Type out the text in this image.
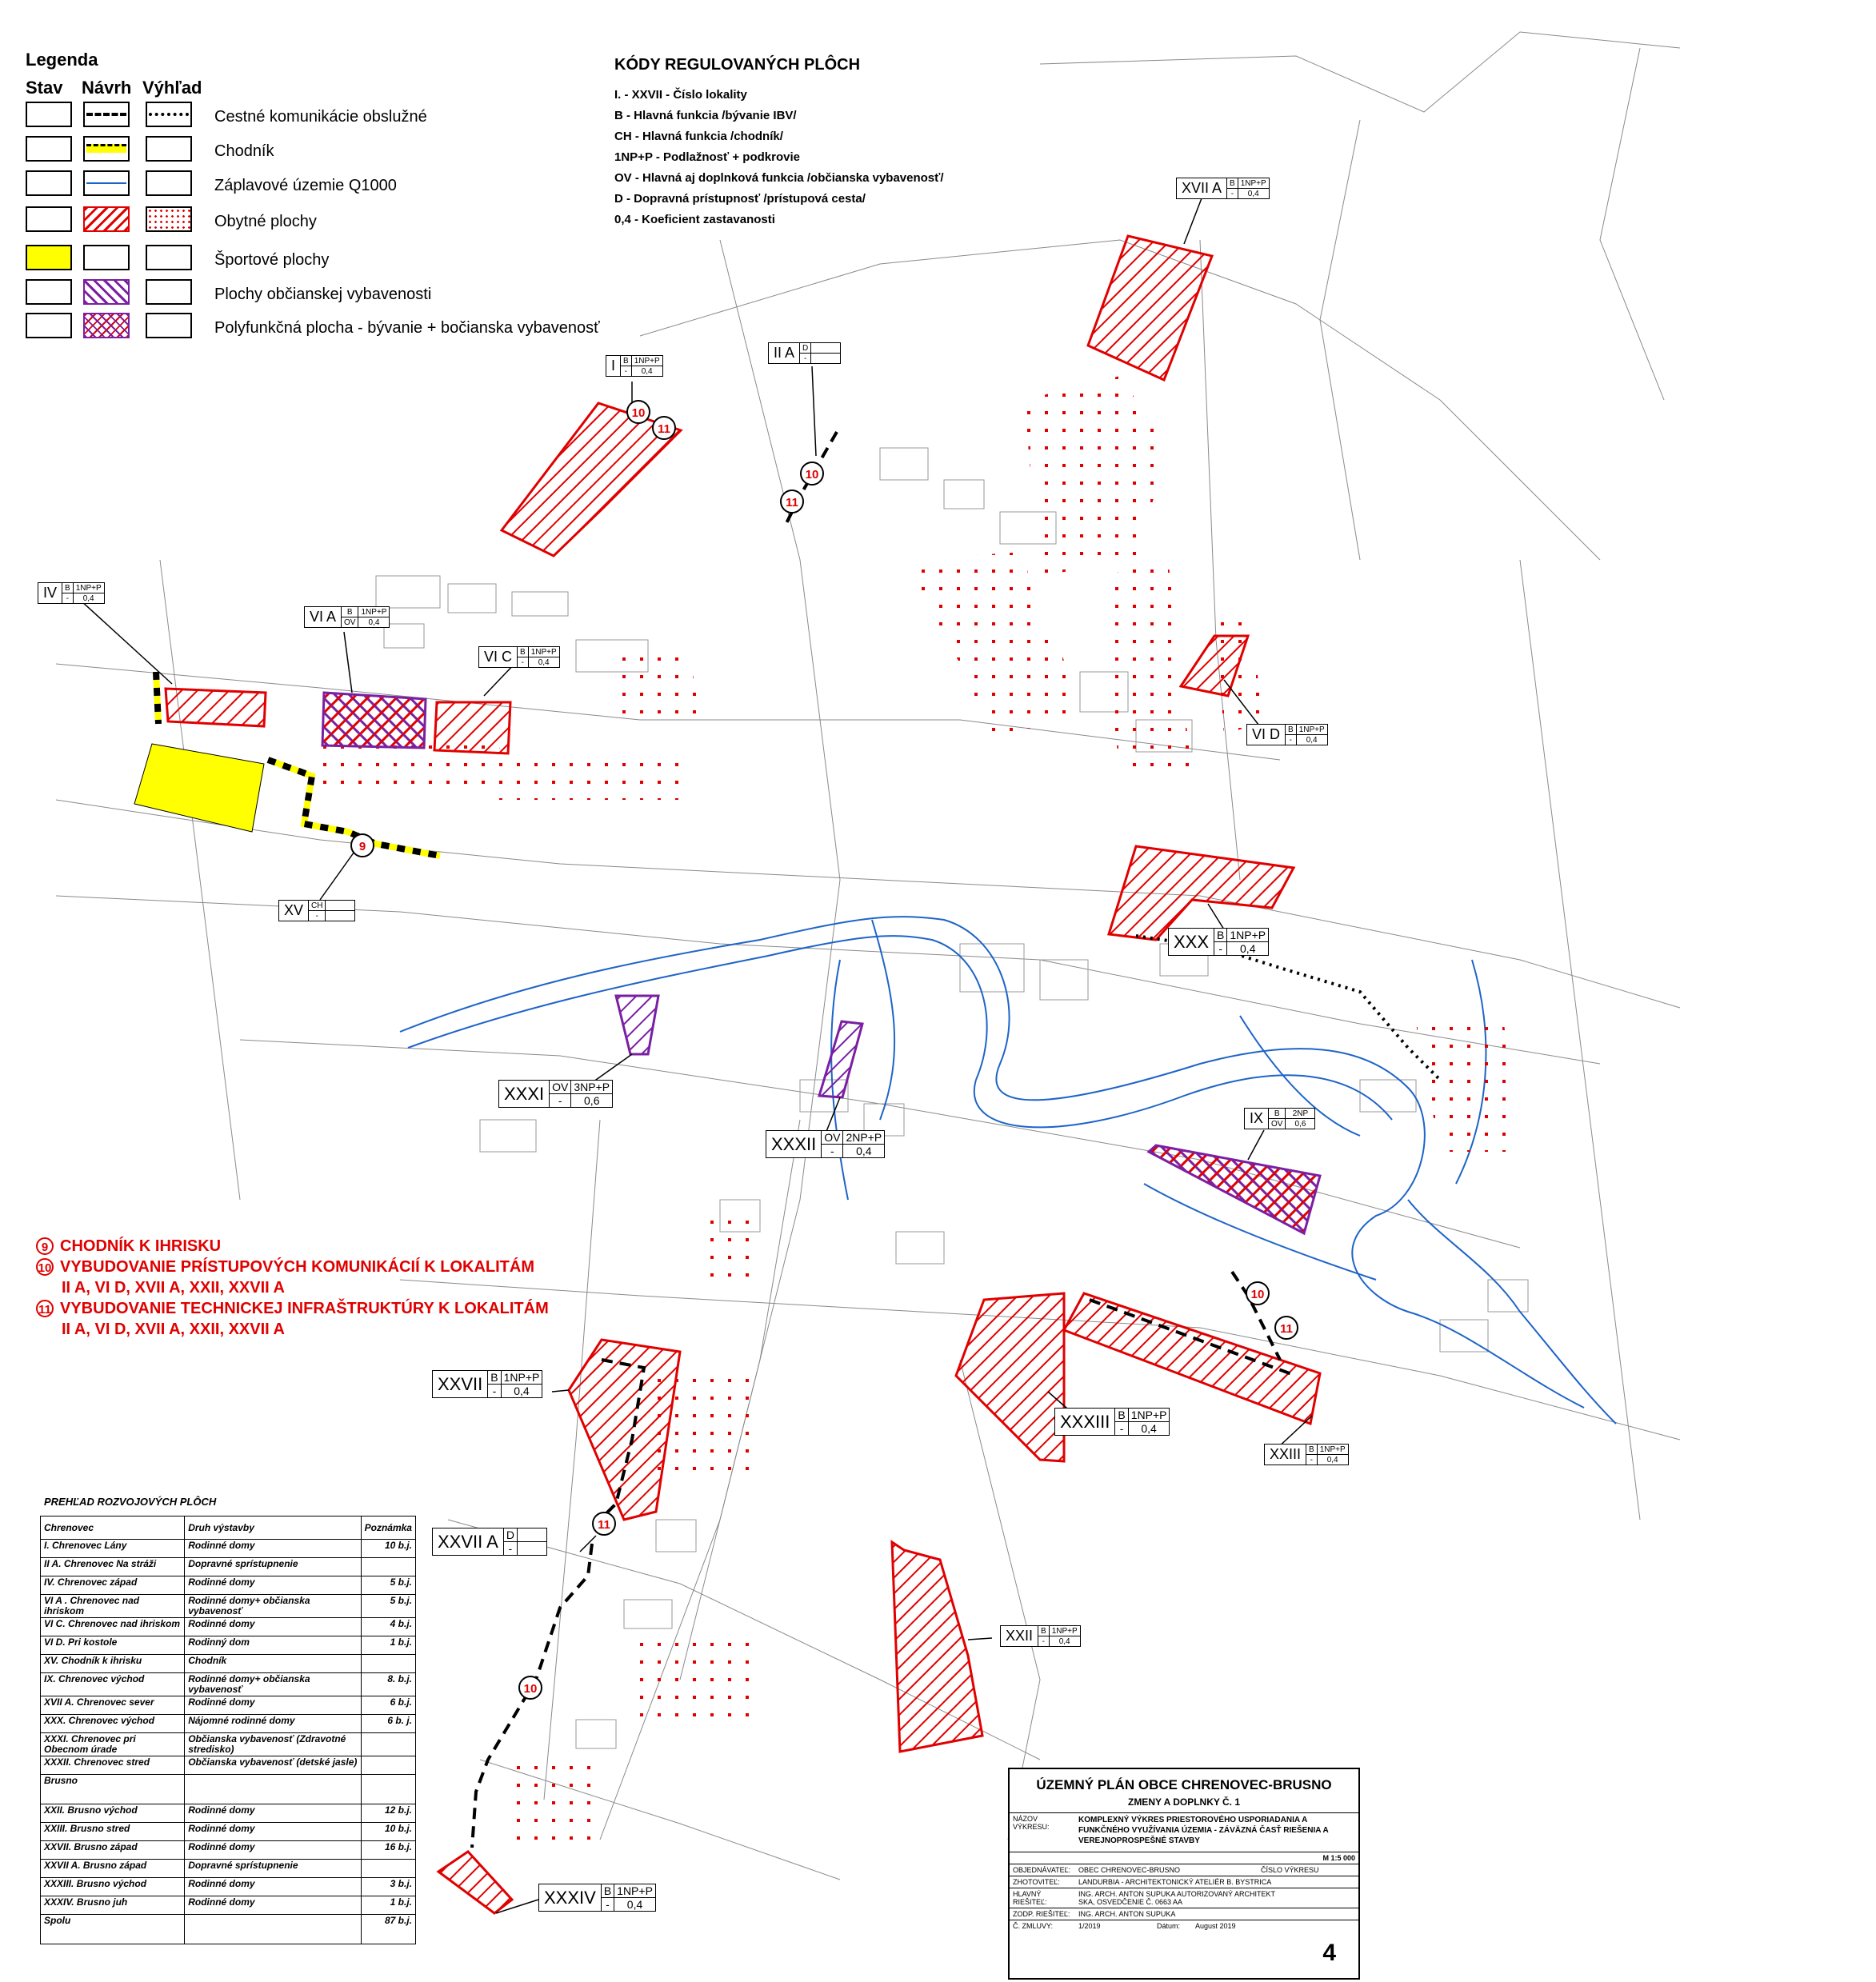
Legenda
Stav Návrh Výhľad
Cestné komunikácie obslužné
Chodník
Záplavové územie Q1000
Obytné plochy
Športové plochy
Plochy občianskej vybavenosti
Polyfunkčná plocha - bývanie + bočianska vybavenosť
KÓDY REGULOVANÝCH PLÔCH
I. - XXVII - Číslo lokality
B - Hlavná funkcia /bývanie IBV/
CH - Hlavná funkcia /chodník/
1NP+P - Podlažnosť + podkrovie
OV - Hlavná aj doplnková funkcia /občianska vybavenosť/
D - Dopravná prístupnosť /prístupová cesta/
0,4 - Koeficient zastavanosti
9 CHODNÍK K IHRISKU
10 VYBUDOVANIE PRÍSTUPOVÝCH KOMUNIKÁCIÍ K LOKALITÁM
II A, VI D, XVII A, XXII, XXVII A
11 VYBUDOVANIE TECHNICKEJ INFRAŠTRUKTÚRY K LOKALITÁM
II A, VI D, XVII A, XXII, XXVII A
I	B	1NP+P
	-	0,4
II A	D	
	-	
IV	B	1NP+P
	-	0,4
VI A	B	1NP+P
	OV	0,4
VI C	B	1NP+P
	-	0,4
XVII A	B	1NP+P
	-	0,4
VI D	B	1NP+P
	-	0,4
XV	CH	
	-	
XXX	B	1NP+P
	-	0,4
XXXI	OV	3NP+P
	-	0,6
XXXII	OV	2NP+P
	-	0,4
IX	B	2NP
	OV	0,6
XXVII	B	1NP+P
	-	0,4
XXXIII	B	1NP+P
	-	0,4
XXIII	B	1NP+P
	-	0,4
XXVII A	D	
	-	
XXII	B	1NP+P
	-	0,4
XXXIV	B	1NP+P
	-	0,4
10
11
10
11
9
10
11
11
10
PREHĽAD ROZVOJOVÝCH PLÔCH
Chrenovec	Druh výstavby	Poznámka
I. Chrenovec Lány	Rodinné domy	10 b.j.
II A. Chrenovec Na stráži	Dopravné sprístupnenie	
IV. Chrenovec západ	Rodinné domy	5 b.j.
VI A . Chrenovec nad ihriskom	Rodinné domy+ občianska vybavenosť	5 b.j.
VI C. Chrenovec nad ihriskom	Rodinné domy	4 b.j.
VI D. Pri kostole	Rodinný dom	1 b.j.
XV. Chodník k ihrisku	Chodník	
IX. Chrenovec východ	Rodinné domy+ občianska vybavenosť	8. b.j.
XVII A. Chrenovec sever	Rodinné domy	6 b.j.
XXX. Chrenovec východ	Nájomné rodinné domy	6 b. j.
XXXI. Chrenovec pri Obecnom úrade	Občianska vybavenosť (Zdravotné stredisko)	
XXXII. Chrenovec stred	Občianska vybavenosť (detské jasle)	
Brusno		
XXII. Brusno východ	Rodinné domy	12 b.j.
XXIII. Brusno stred	Rodinné domy	10 b.j.
XXVII. Brusno západ	Rodinné domy	16 b.j.
XXVII A. Brusno západ	Dopravné sprístupnenie	
XXXIII. Brusno východ	Rodinné domy	3 b.j.
XXXIV. Brusno juh	Rodinné domy	1 b.j.
Spolu		87 b.j.
ÚZEMNÝ PLÁN OBCE CHRENOVEC-BRUSNO
ZMENY A DOPLNKY Č. 1
NÁZOV VÝKRESU:
KOMPLEXNÝ VÝKRES PRIESTOROVÉHO USPORIADANIA A FUNKČNÉHO VYUŽÍVANIA ÚZEMIA - ZÁVÄZNÁ ČASŤ RIEŠENIA A VEREJNOPROSPEŠNÉ STAVBY
M 1:5 000
OBJEDNÁVATEĽ:	OBEC CHRENOVEC-BRUSNO	ČÍSLO VÝKRESU
ZHOTOVITEĽ:	LANDURBIA - ARCHITEKTONICKÝ ATELIÉR B. BYSTRICA
HLAVNÝ RIEŠITEĽ:
ING. ARCH. ANTON SUPUKA AUTORIZOVANÝ ARCHITEKT SKA, OSVEDČENIE Č. 0663 AA
ZODP. RIEŠITEĽ:	ING. ARCH. ANTON SUPUKA
Č. ZMLUVY:	1/2019	Dátum:	August 2019
4
